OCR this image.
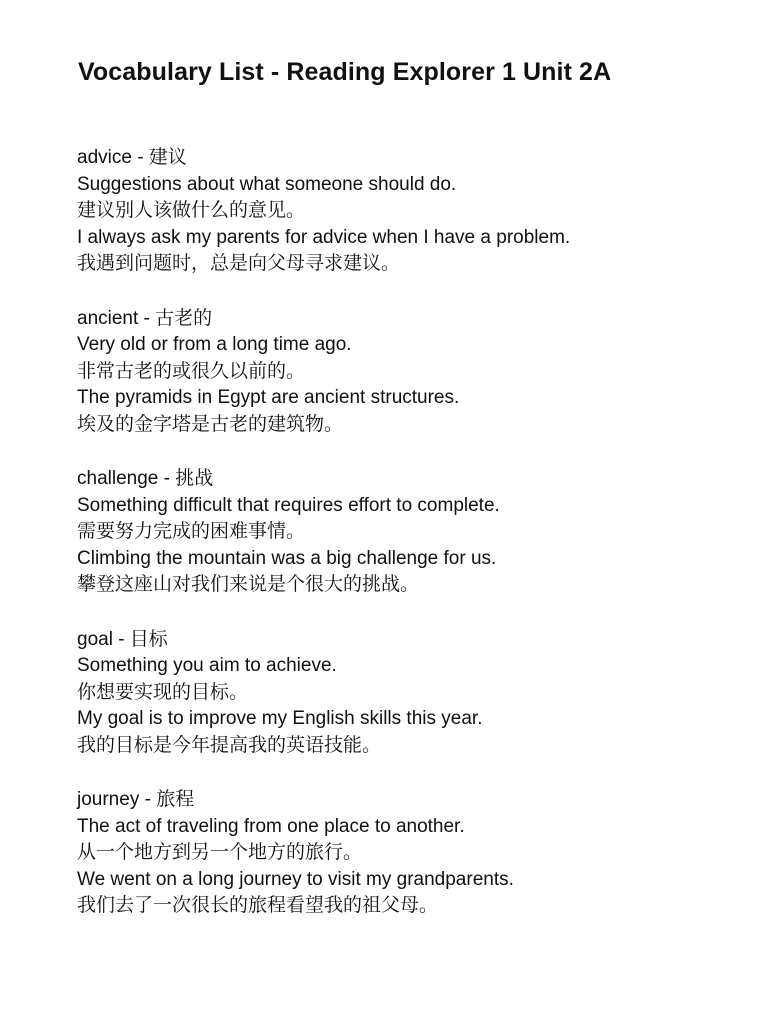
Vocabulary List - Reading Explorer 1 Unit 2A
advice - 建议
Suggestions about what someone should do.
建议别人该做什么的意见。
I always ask my parents for advice when I have a problem.
我遇到问题时，总是向父母寻求建议。
ancient - 古老的
Very old or from a long time ago.
非常古老的或很久以前的。
The pyramids in Egypt are ancient structures.
埃及的金字塔是古老的建筑物。
challenge - 挑战
Something difficult that requires effort to complete.
需要努力完成的困难事情。
Climbing the mountain was a big challenge for us.
攀登这座山对我们来说是个很大的挑战。
goal - 目标
Something you aim to achieve.
你想要实现的目标。
My goal is to improve my English skills this year.
我的目标是今年提高我的英语技能。
journey - 旅程
The act of traveling from one place to another.
从一个地方到另一个地方的旅行。
We went on a long journey to visit my grandparents.
我们去了一次很长的旅程看望我的祖父母。
